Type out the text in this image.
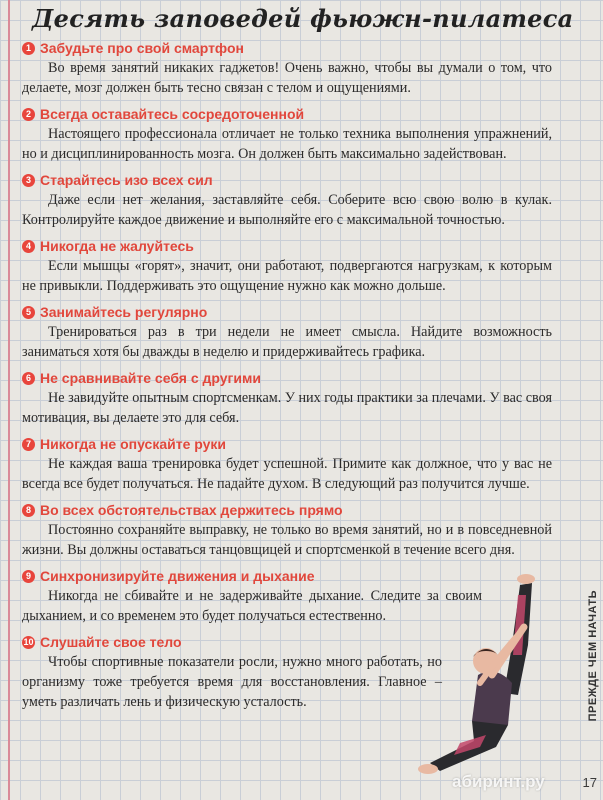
Десять заповедей фьюжн-пилатеса
1 Забудьте про свой смартфон

Во время занятий никаких гаджетов! Очень важно, чтобы вы думали о том, что делаете, мозг должен быть тесно связан с телом и ощущениями.

2 Всегда оставайтесь сосредоточенной

Настоящего профессионала отличает не только техника выполнения упражнений, но и дисциплинированность мозга. Он должен быть максимально задействован.

3 Старайтесь изо всех сил

Даже если нет желания, заставляйте себя. Соберите всю свою волю в кулак. Контролируйте каждое движение и выполняйте его с максимальной точностью.

4 Никогда не жалуйтесь

Если мышцы «горят», значит, они работают, подвергаются нагрузкам, к которым не привыкли. Поддерживать это ощущение нужно как можно дольше.

5 Занимайтесь регулярно

Тренироваться раз в три недели не имеет смысла. Найдите возможность заниматься хотя бы дважды в неделю и придерживайтесь графика.

6 Не сравнивайте себя с другими

Не завидуйте опытным спортсменкам. У них годы практики за плечами. У вас своя мотивация, вы делаете это для себя.

7 Никогда не опускайте руки

Не каждая ваша тренировка будет успешной. Примите как должное, что у вас не всегда все будет получаться. Не падайте духом. В следующий раз получится лучше.

8 Во всех обстоятельствах держитесь прямо

Постоянно сохраняйте выправку, не только во время занятий, но и в повседневной жизни. Вы должны оставаться танцовщицей и спортсменкой в течение всего дня.

9 Синхронизируйте движения и дыхание

Никогда не сбивайте и не задерживайте дыхание. Следите за своим дыханием, и со временем это будет получаться естественно.

10 Слушайте свое тело

Чтобы спортивные показатели росли, нужно много работать, но организму тоже требуется время для восстановления. Главное – уметь различать лень и физическую усталость.	ПРЕЖДЕ ЧЕМ НАЧАТЬ
абиринт.ру	17
